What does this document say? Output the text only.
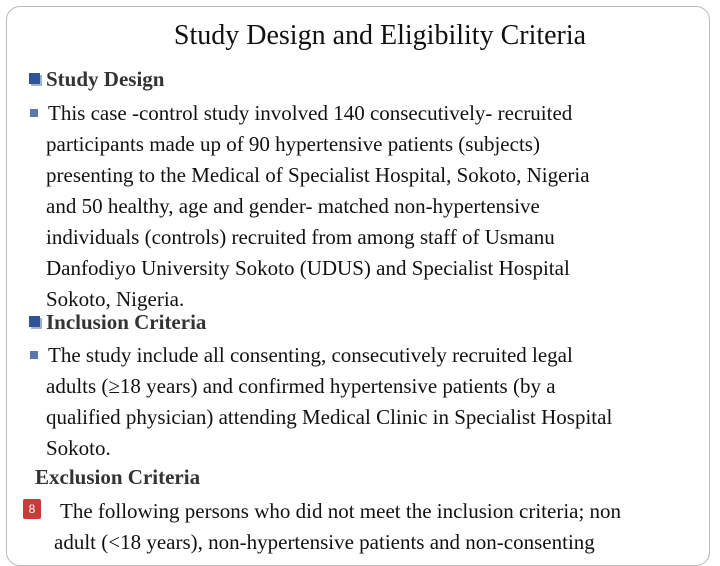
Study Design and Eligibility Criteria
Study Design
This case -control study involved 140 consecutively- recruited
participants made up of 90 hypertensive patients (subjects)
presenting to the Medical of Specialist Hospital, Sokoto, Nigeria
and 50 healthy, age and gender- matched non-hypertensive
individuals (controls) recruited from among staff of Usmanu
Danfodiyo University Sokoto (UDUS) and Specialist Hospital
Sokoto, Nigeria.
Inclusion Criteria
The study include all consenting, consecutively recruited legal
adults (≥18 years) and confirmed hypertensive patients (by a
qualified physician) attending Medical Clinic in Specialist Hospital
Sokoto.
Exclusion Criteria
The following persons who did not meet the inclusion criteria; non
adult (<18 years), non-hypertensive patients and non-consenting
8
